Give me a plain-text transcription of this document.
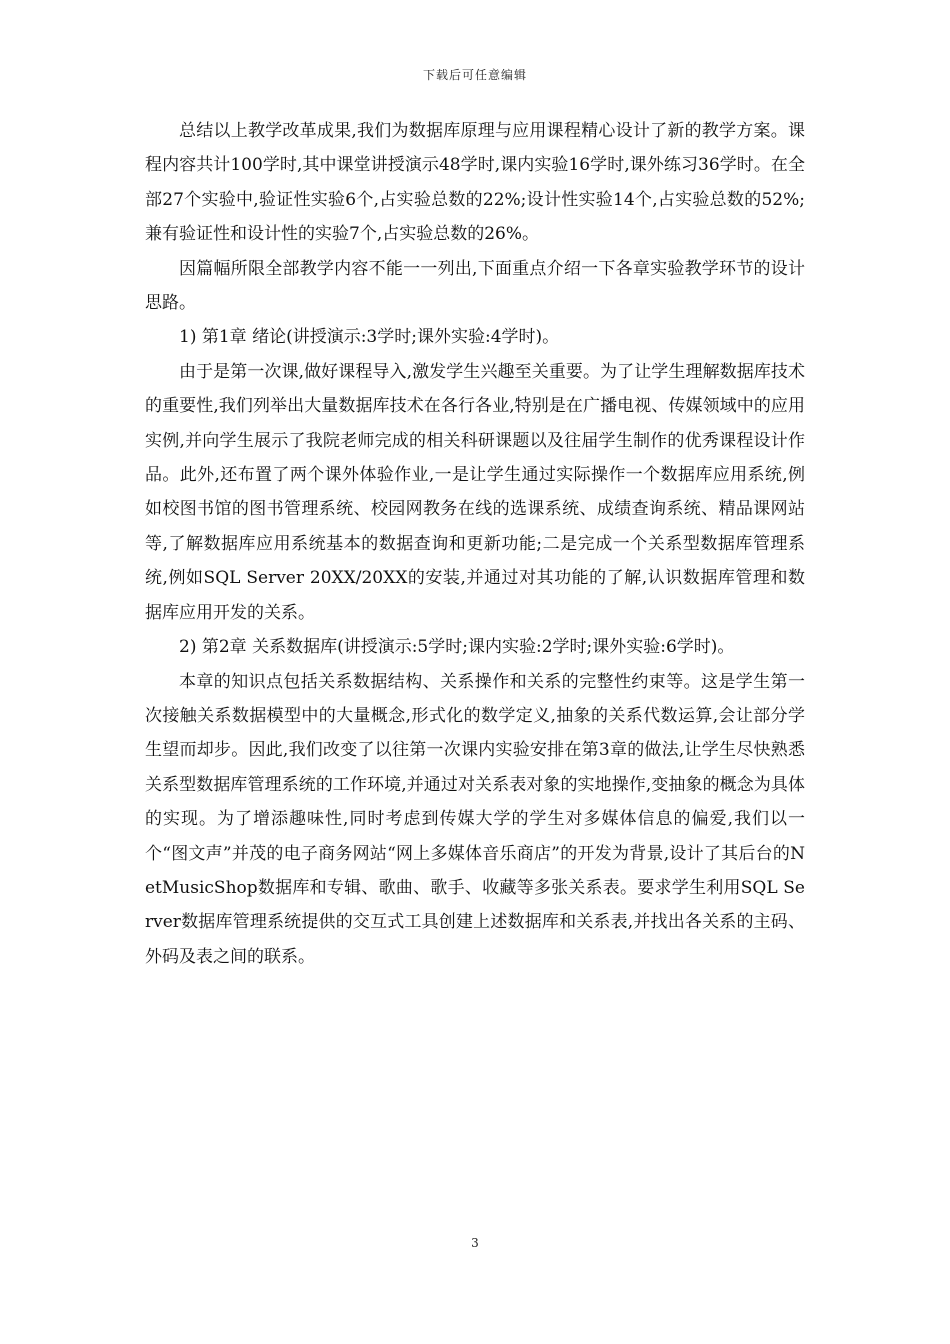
下载后可任意编辑

总结以上教学改革成果,我们为数据库原理与应用课程精心设计了新的教学方案。课程内容共计100学时,其中课堂讲授演示48学时,课内实验16学时,课外练习36学时。在全部27个实验中,验证性实验6个,占实验总数的22%;设计性实验14个,占实验总数的52%;兼有验证性和设计性的实验7个,占实验总数的26%。

因篇幅所限全部教学内容不能一一列出,下面重点介绍一下各章实验教学环节的设计思路。

1) 第1章 绪论(讲授演示:3学时;课外实验:4学时)。

由于是第一次课,做好课程导入,激发学生兴趣至关重要。为了让学生理解数据库技术的重要性,我们列举出大量数据库技术在各行各业,特别是在广播电视、传媒领域中的应用实例,并向学生展示了我院老师完成的相关科研课题以及往届学生制作的优秀课程设计作品。此外,还布置了两个课外体验作业,一是让学生通过实际操作一个数据库应用系统,例如校图书馆的图书管理系统、校园网教务在线的选课系统、成绩查询系统、精品课网站等,了解数据库应用系统基本的数据查询和更新功能;二是完成一个关系型数据库管理系统,例如SQL Server 20XX/20XX的安装,并通过对其功能的了解,认识数据库管理和数据库应用开发的关系。

2) 第2章 关系数据库(讲授演示:5学时;课内实验:2学时;课外实验:6学时)。

本章的知识点包括关系数据结构、关系操作和关系的完整性约束等。这是学生第一次接触关系数据模型中的大量概念,形式化的数学定义,抽象的关系代数运算,会让部分学生望而却步。因此,我们改变了以往第一次课内实验安排在第3章的做法,让学生尽快熟悉关系型数据库管理系统的工作环境,并通过对关系表对象的实地操作,变抽象的概念为具体的实现。为了增添趣味性,同时考虑到传媒大学的学生对多媒体信息的偏爱,我们以一个“图文声”并茂的电子商务网站“网上多媒体音乐商店”的开发为背景,设计了其后台的NetMusicShop数据库和专辑、歌曲、歌手、收藏等多张关系表。要求学生利用SQL Server数据库管理系统提供的交互式工具创建上述数据库和关系表,并找出各关系的主码、外码及表之间的联系。

3
